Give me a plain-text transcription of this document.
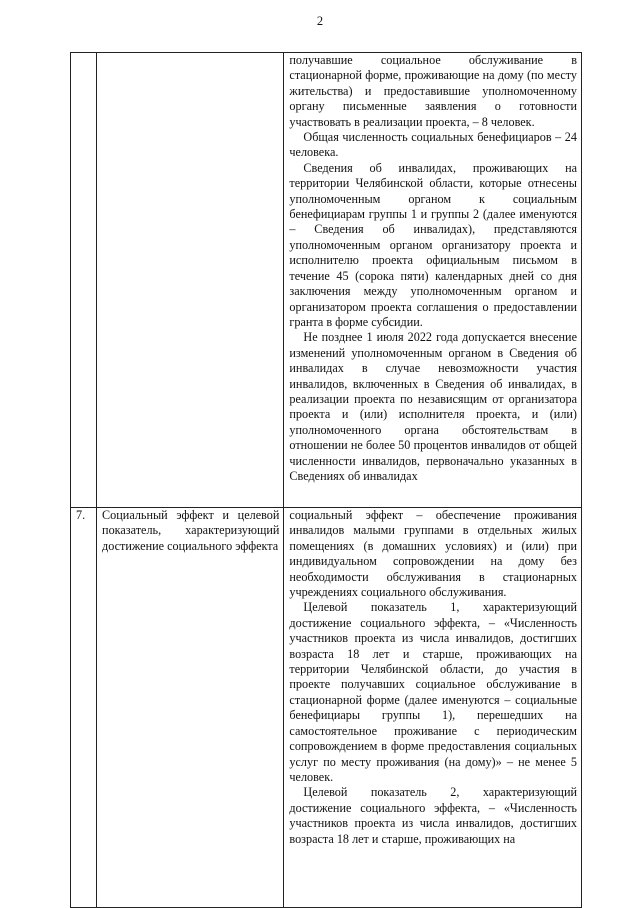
2

		получавшие социальное обслуживание в стационарной форме, проживающие на дому (по месту жительства) и предоставившие уполномоченному органу письменные заявления о готовности участвовать в реализации проекта, – 8 человек.

Общая численность социальных бенефициаров – 24 человека.

Сведения об инвалидах, проживающих на территории Челябинской области, которые отнесены уполномоченным органом к социальным бенефициарам группы 1 и группы 2 (далее именуются – Сведения об инвалидах), представляются уполномоченным органом организатору проекта и исполнителю проекта официальным письмом в течение 45 (сорока пяти) календарных дней со дня заключения между уполномоченным органом и организатором проекта соглашения о предоставлении гранта в форме субсидии.

Не позднее 1 июля 2022 года допускается внесение изменений уполномоченным органом в Сведения об инвалидах в случае невозможности участия инвалидов, включенных в Сведения об инвалидах, в реализации проекта по независящим от организатора проекта и (или) исполнителя проекта, и (или) уполномоченного органа обстоятельствам в отношении не более 50 процентов инвалидов от общей численности инвалидов, первоначально указанных в Сведениях об инвалидах

7.	Социальный эффект и целевой показатель, характеризующий достижение социального эффекта	социальный эффект – обеспечение проживания инвалидов малыми группами в отдельных жилых помещениях (в домашних условиях) и (или) при индивидуальном сопровождении на дому без необходимости обслуживания в стационарных учреждениях социального обслуживания.

Целевой показатель 1, характеризующий достижение социального эффекта, – «Численность участников проекта из числа инвалидов, достигших возраста 18 лет и старше, проживающих на территории Челябинской области, до участия в проекте получавших социальное обслуживание в стационарной форме (далее именуются – социальные бенефициары группы 1), перешедших на самостоятельное проживание с периодическим сопровождением в форме предоставления социальных услуг по месту проживания (на дому)» – не менее 5 человек.

Целевой показатель 2, характеризующий достижение социального эффекта, – «Численность участников проекта из числа инвалидов, достигших возраста 18 лет и старше, проживающих на
